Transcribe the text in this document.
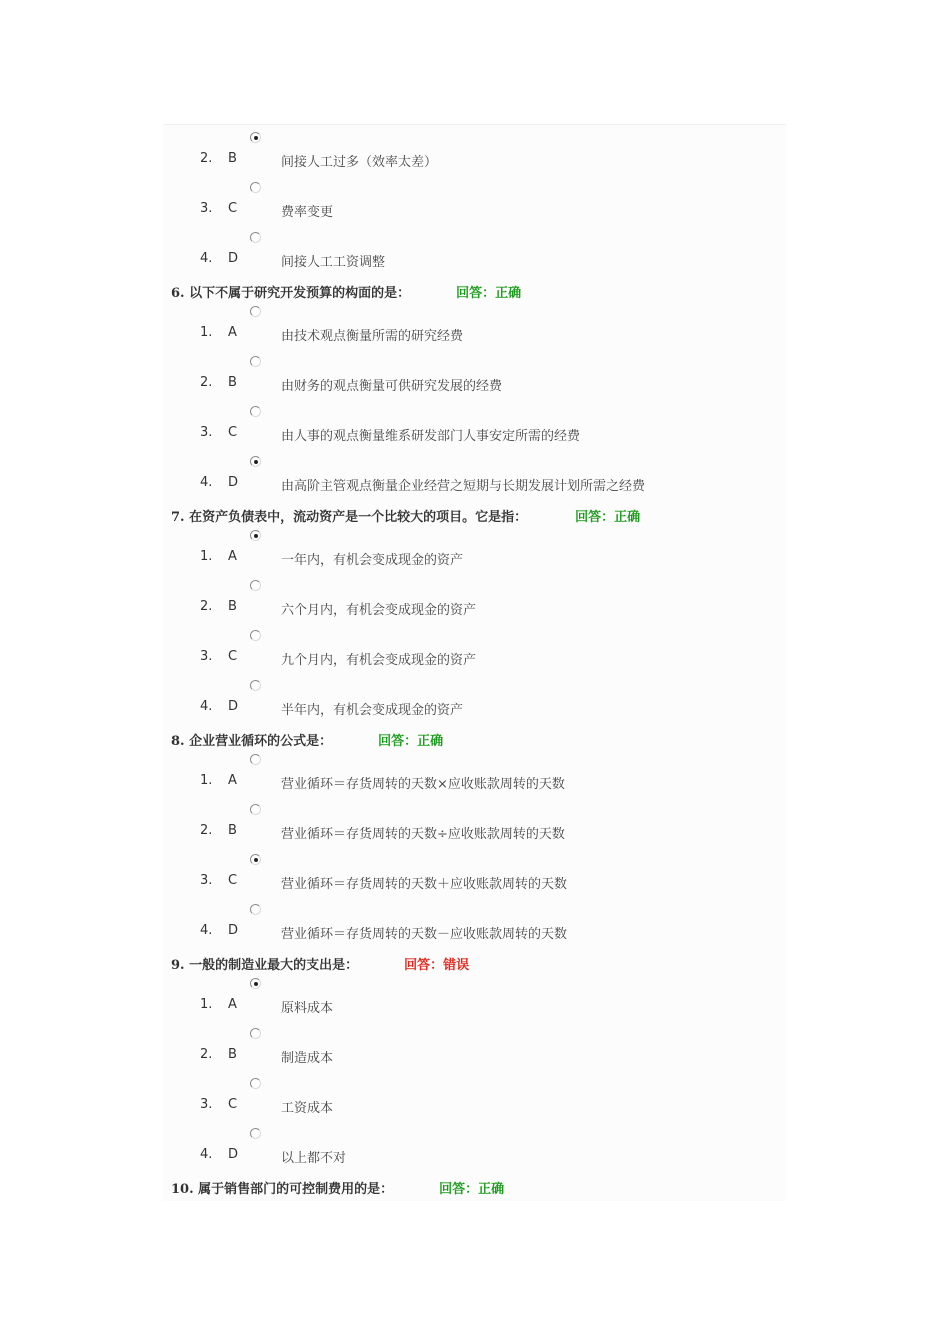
2. B	间接人工过多（效率太差）
3. C	费率变更
4. D	间接人工工资调整
6. 以下不属于研究开发预算的构面的是：	回答：正确
1. A	由技术观点衡量所需的研究经费
2. B	由财务的观点衡量可供研究发展的经费
3. C	由人事的观点衡量维系研发部门人事安定所需的经费
4. D	由高阶主管观点衡量企业经营之短期与长期发展计划所需之经费
7. 在资产负债表中，流动资产是一个比较大的项目。它是指：	回答：正确
1. A	一年内，有机会变成现金的资产
2. B	六个月内，有机会变成现金的资产
3. C	九个月内，有机会变成现金的资产
4. D	半年内，有机会变成现金的资产
8. 企业营业循环的公式是：	回答：正确
1. A	营业循环＝存货周转的天数×应收账款周转的天数
2. B	营业循环＝存货周转的天数÷应收账款周转的天数
3. C	营业循环＝存货周转的天数＋应收账款周转的天数
4. D	营业循环＝存货周转的天数－应收账款周转的天数
9. 一般的制造业最大的支出是：	回答：错误
1. A	原料成本
2. B	制造成本
3. C	工资成本
4. D	以上都不对
10. 属于销售部门的可控制费用的是：	回答：正确
